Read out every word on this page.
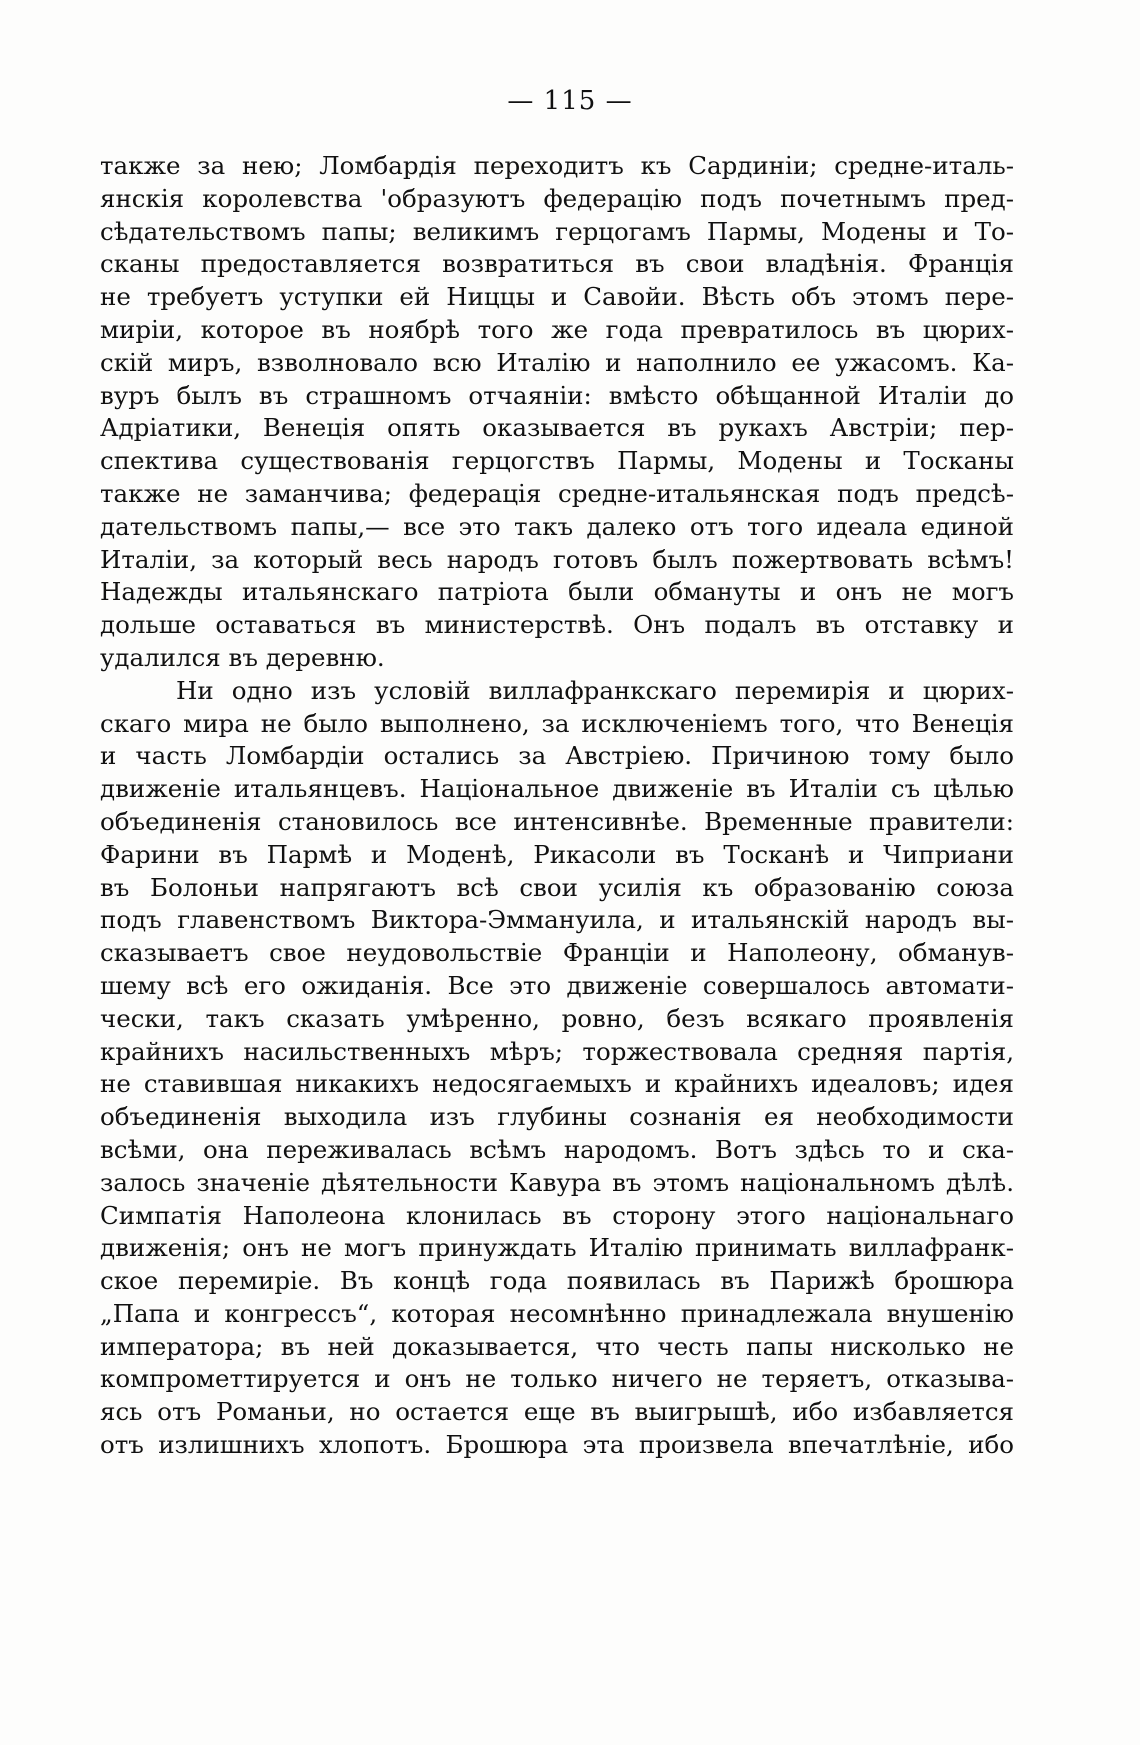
— 115 —
также за нею; Ломбардія переходитъ къ Сардиніи; средне-италь-
янскія королевства 'образуютъ федерацію подъ почетнымъ пред-
сѣдательствомъ папы; великимъ герцогамъ Пармы, Модены и То-
сканы предоставляется возвратиться въ свои владѣнія. Франція
не требуетъ уступки ей Ниццы и Савойи. Вѣсть объ этомъ пере-
миріи, которое въ ноябрѣ того же года превратилось въ цюрих-
скій миръ, взволновало всю Италію и наполнило ее ужасомъ. Ка-
вуръ былъ въ страшномъ отчаяніи: вмѣсто обѣщанной Италіи до
Адріатики, Венеція опять оказывается въ рукахъ Австріи; пер-
спектива существованія герцогствъ Пармы, Модены и Тосканы
также не заманчива; федерація средне-итальянская подъ предсѣ-
дательствомъ папы,— все это такъ далеко отъ того идеала единой
Италіи, за который весь народъ готовъ былъ пожертвовать всѣмъ!
Надежды итальянскаго патріота были обмануты и онъ не могъ
дольше оставаться въ министерствѣ. Онъ подалъ въ отставку и
удалился въ деревню.
Ни одно изъ условій виллафранкскаго перемирія и цюрих-
скаго мира не было выполнено, за исключеніемъ того, что Венеція
и часть Ломбардіи остались за Австріею. Причиною тому было
движеніе итальянцевъ. Національное движеніе въ Италіи съ цѣлью
объединенія становилось все интенсивнѣе. Временные правители:
Фарини въ Пармѣ и Моденѣ, Рикасоли въ Тосканѣ и Чиприани
въ Болоньи напрягаютъ всѣ свои усилія къ образованію союза
подъ главенствомъ Виктора-Эммануила, и итальянскій народъ вы-
сказываетъ свое неудовольствіе Франціи и Наполеону, обманув-
шему всѣ его ожиданія. Все это движеніе совершалось автомати-
чески, такъ сказать умѣренно, ровно, безъ всякаго проявленія
крайнихъ насильственныхъ мѣръ; торжествовала средняя партія,
не ставившая никакихъ недосягаемыхъ и крайнихъ идеаловъ; идея
объединенія выходила изъ глубины сознанія ея необходимости
всѣми, она переживалась всѣмъ народомъ. Вотъ здѣсь то и ска-
залось значеніе дѣятельности Кавура въ этомъ національномъ дѣлѣ.
Симпатія Наполеона клонилась въ сторону этого національнаго
движенія; онъ не могъ принуждать Италію принимать виллафранк-
ское перемиріе. Въ концѣ года появилась въ Парижѣ брошюра
„Папа и конгрессъ“, которая несомнѣнно принадлежала внушенію
императора; въ ней доказывается, что честь папы нисколько не
компрометтируется и онъ не только ничего не теряетъ, отказыва-
ясь отъ Романьи, но остается еще въ выигрышѣ, ибо избавляется
отъ излишнихъ хлопотъ. Брошюра эта произвела впечатлѣніе, ибо
